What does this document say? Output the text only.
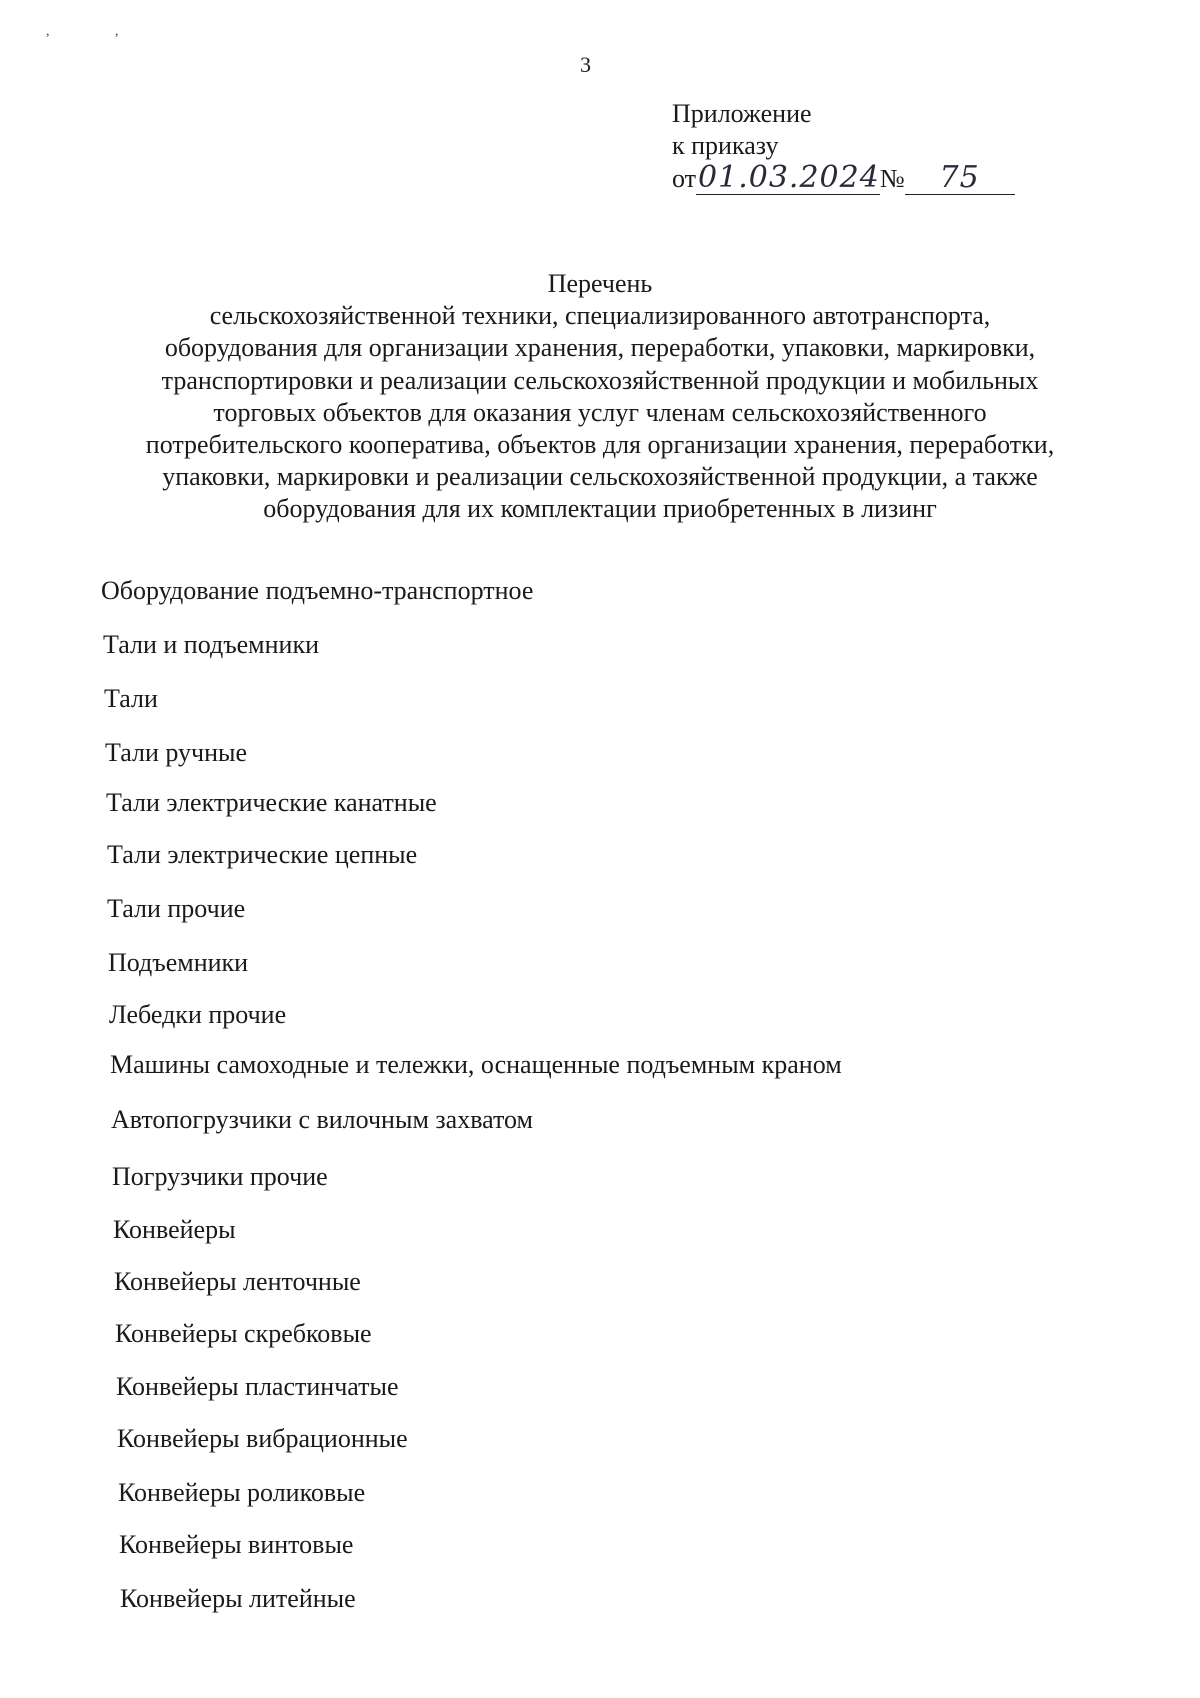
,	,
3
Приложение
к приказу
от01.03.2024№ 75
Перечень
сельскохозяйственной техники, специализированного автотранспорта,
оборудования для организации хранения, переработки, упаковки, маркировки,
транспортировки и реализации сельскохозяйственной продукции и мобильных
торговых объектов для оказания услуг членам сельскохозяйственного
потребительского кооператива, объектов для организации хранения, переработки,
упаковки, маркировки и реализации сельскохозяйственной продукции, а также
оборудования для их комплектации приобретенных в лизинг
Оборудование подъемно-транспортное
Тали и подъемники
Тали
Тали ручные
Тали электрические канатные
Тали электрические цепные
Тали прочие
Подъемники
Лебедки прочие
Машины самоходные и тележки, оснащенные подъемным краном
Автопогрузчики с вилочным захватом
Погрузчики прочие
Конвейеры
Конвейеры ленточные
Конвейеры скребковые
Конвейеры пластинчатые
Конвейеры вибрационные
Конвейеры роликовые
Конвейеры винтовые
Конвейеры литейные
